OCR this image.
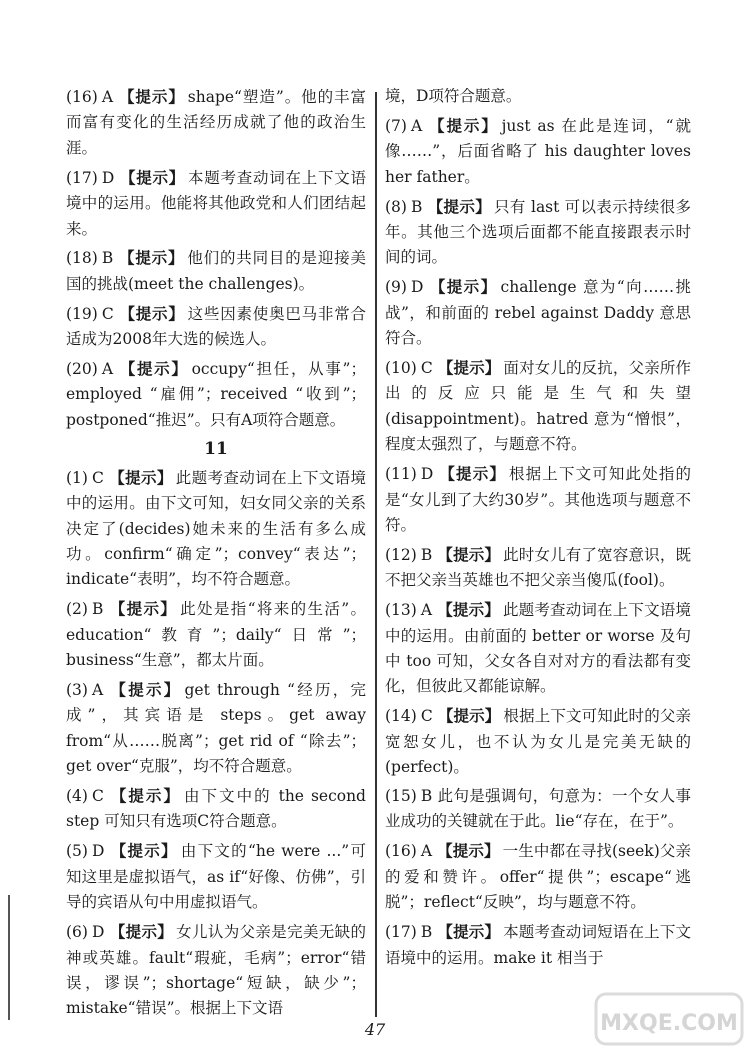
(16) A 【提示】 shape“塑造”。他的丰富而富有变化的生活经历成就了他的政治生涯。

(17) D 【提示】 本题考查动词在上下文语境中的运用。他能将其他政党和人们团结起来。

(18) B 【提示】 他们的共同目的是迎接美国的挑战(meet the challenges)。

(19) C 【提示】 这些因素使奥巴马非常合适成为2008年大选的候选人。

(20) A 【提示】 occupy“担任，从事”；employed “雇佣”；received “收到”；postponed“推迟”。只有A项符合题意。

11

(1) C 【提示】 此题考查动词在上下文语境中的运用。由下文可知，妇女同父亲的关系决定了(decides)她未来的生活有多么成功。confirm“确定”；convey“表达”；indicate“表明”，均不符合题意。

(2) B 【提示】 此处是指“将来的生活”。education“教育”；daily“日常”；business“生意”，都太片面。

(3) A 【提示】 get through “经历，完成”，其宾语是 steps。get away from“从……脱离”；get rid of “除去”；get over“克服”，均不符合题意。

(4) C 【提示】 由下文中的 the second step 可知只有选项C符合题意。

(5) D 【提示】 由下文的“he were ...”可知这里是虚拟语气，as if“好像、仿佛”，引导的宾语从句中用虚拟语气。

(6) D 【提示】 女儿认为父亲是完美无缺的神或英雄。fault“瑕疵，毛病”；error“错误，谬误”；shortage“短缺，缺少”；mistake“错误”。根据上下文语

境，D项符合题意。

(7) A 【提示】 just as 在此是连词，“就像……”，后面省略了 his daughter loves her father。

(8) B 【提示】 只有 last 可以表示持续很多年。其他三个选项后面都不能直接跟表示时间的词。

(9) D 【提示】 challenge 意为“向……挑战”，和前面的 rebel against Daddy 意思符合。

(10) C 【提示】 面对女儿的反抗，父亲所作出的反应只能是生气和失望(disappointment)。hatred 意为“憎恨”，程度太强烈了，与题意不符。

(11) D 【提示】 根据上下文可知此处指的是“女儿到了大约30岁”。其他选项与题意不符。

(12) B 【提示】 此时女儿有了宽容意识，既不把父亲当英雄也不把父亲当傻瓜(fool)。

(13) A 【提示】 此题考查动词在上下文语境中的运用。由前面的 better or worse 及句中 too 可知，父女各自对对方的看法都有变化，但彼此又都能谅解。

(14) C 【提示】 根据上下文可知此时的父亲宽恕女儿，也不认为女儿是完美无缺的(perfect)。

(15) B 此句是强调句，句意为：一个女人事业成功的关键就在于此。lie“存在，在于”。

(16) A 【提示】 一生中都在寻找(seek)父亲的爱和赞许。offer“提供”；escape“逃脱”；reflect“反映”，均与题意不符。

(17) B 【提示】 本题考查动词短语在上下文语境中的运用。make it 相当于

47	MXQE.COM
